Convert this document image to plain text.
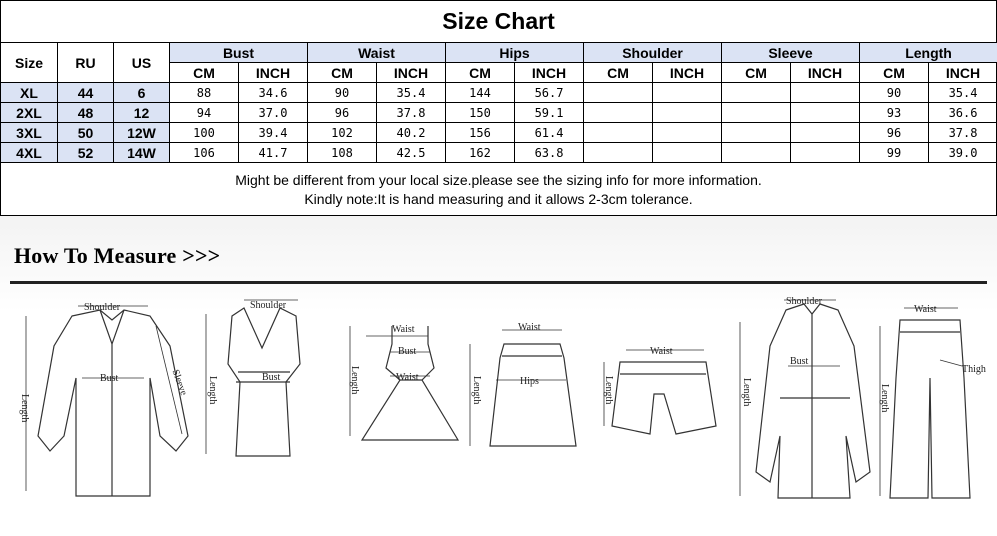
Size Chart
Size	RU	US	Bust		Waist		Hips		Shoulder		Sleeve		Length	
			CM	INCH	CM	INCH	CM	INCH	CM	INCH	CM	INCH	CM	INCH
XL	44	6	88	34.6	90	35.4	144	56.7					90	35.4
2XL	48	12	94	37.0	96	37.8	150	59.1					93	36.6
3XL	50	12W	100	39.4	102	40.2	156	61.4					96	37.8
4XL	52	14W	106	41.7	108	42.5	162	63.8					99	39.0
Might be different from your local size.please see the sizing info for more information.
Kindly note:It is hand measuring and it allows 2-3cm tolerance.
How To Measure >>>
Shoulder
Bust
Length
Sleeve
Shoulder
Bust
Length
Waist
Bust
Waist
Length
Waist
Hips
Length
Waist
Length
Shoulder
Bust
Length
Waist
Thigh
Length
